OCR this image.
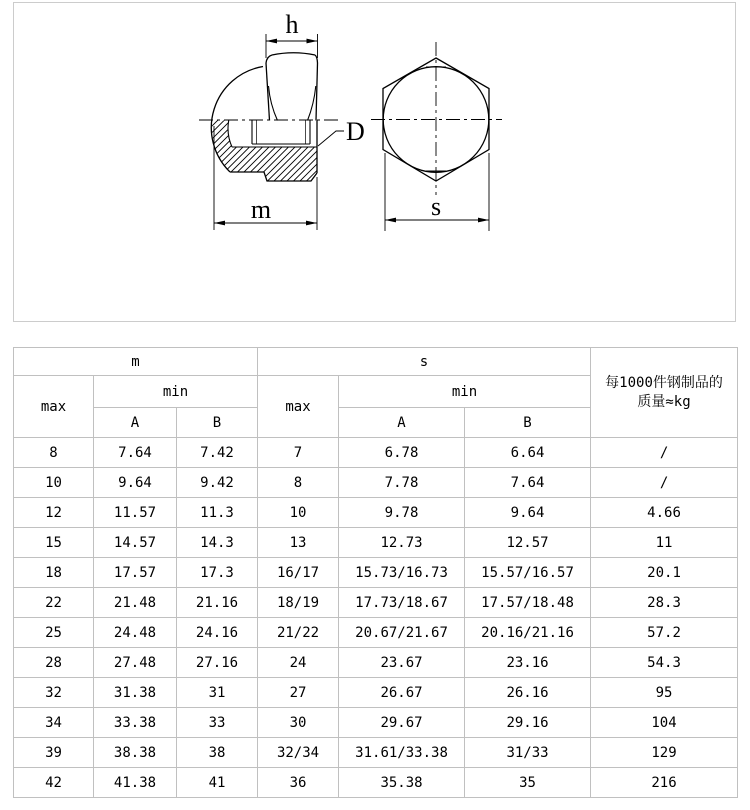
h
m
D
s
m			s			每1000件钢制品的
质量≈kg
max	min		max	min		
	A	B		A	B	
8	7.64	7.42	7	6.78	6.64	/
10	9.64	9.42	8	7.78	7.64	/
12	11.57	11.3	10	9.78	9.64	4.66
15	14.57	14.3	13	12.73	12.57	11
18	17.57	17.3	16/17	15.73/16.73	15.57/16.57	20.1
22	21.48	21.16	18/19	17.73/18.67	17.57/18.48	28.3
25	24.48	24.16	21/22	20.67/21.67	20.16/21.16	57.2
28	27.48	27.16	24	23.67	23.16	54.3
32	31.38	31	27	26.67	26.16	95
34	33.38	33	30	29.67	29.16	104
39	38.38	38	32/34	31.61/33.38	31/33	129
42	41.38	41	36	35.38	35	216
